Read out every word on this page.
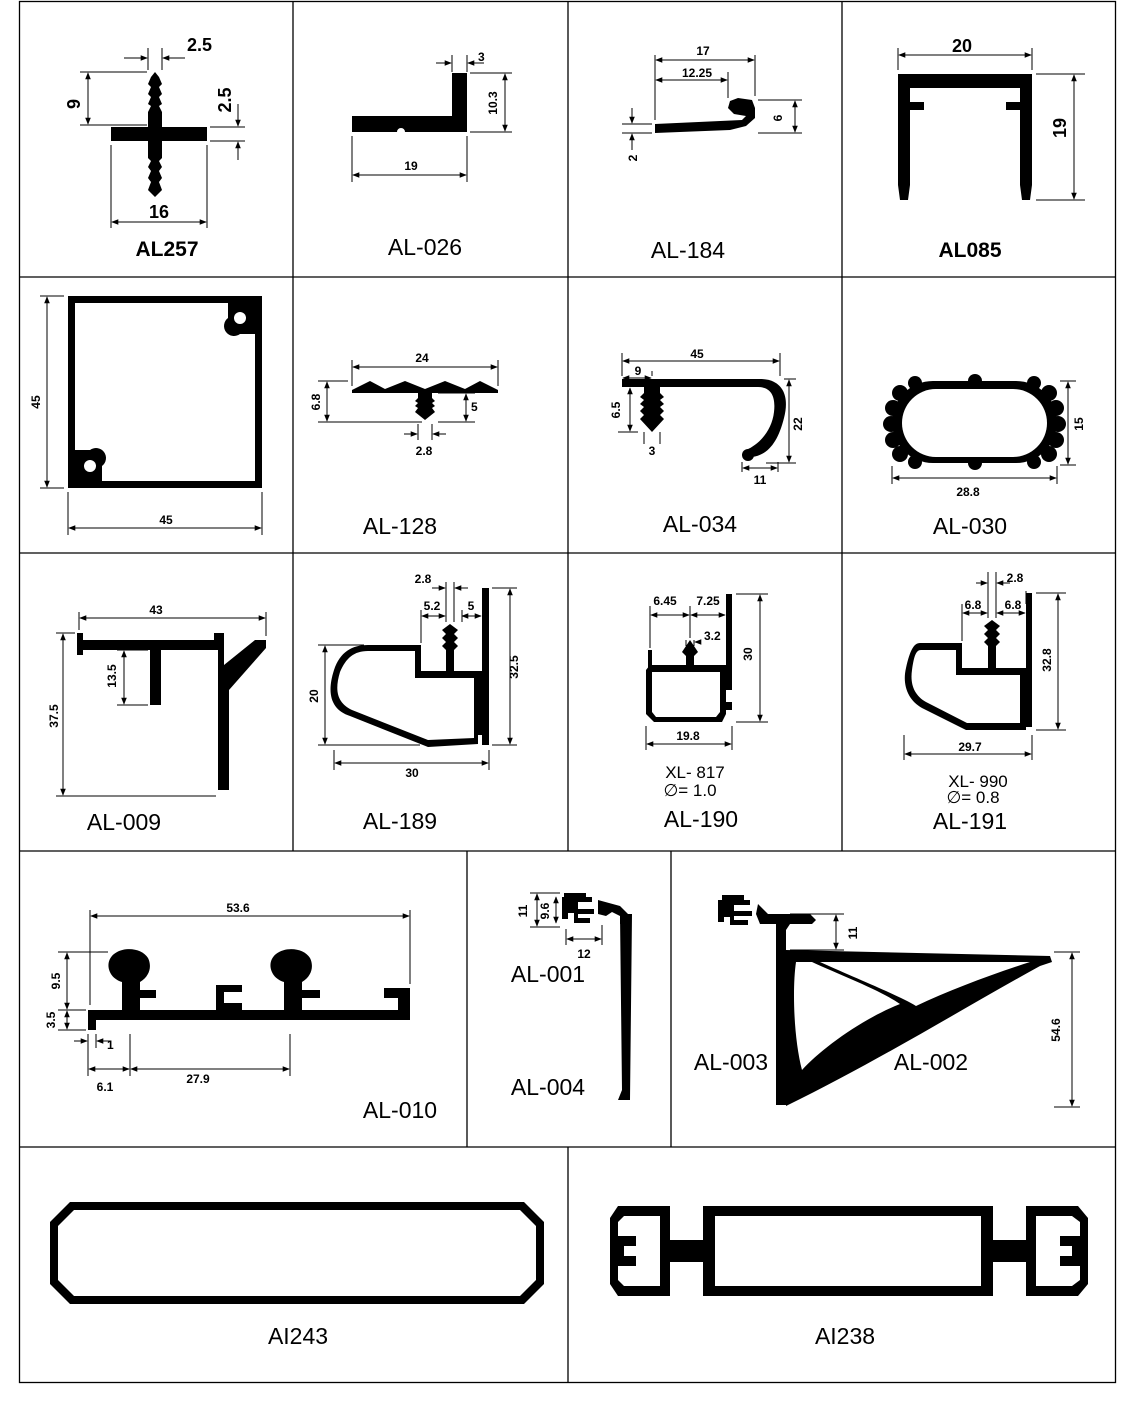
2.5
9	2.5
16
AL257
3
10.3
19
AL-026
17
12.25
6
2
AL-184
20
19
AL085
45
45
24
6.8	5
2.8
AL-128
45
9
6.5
3
22
11
AL-034
15
28.8
AL-030
43
37.5
13.5
AL-009
2.8
5.2 5
32.5
20
30
AL-189
6.45 7.25
3.2
30
19.8
XL- 817
∅= 1.0
AL-190
2.8
6.8 6.8
32.8
29.7
XL- 990
∅= 0.8
AL-191
53.6
9.5
3.5
1
6.1
27.9
AL-010
11 9.6
12
AL-001
AL-004
11
54.6
AL-003	AL-002
AI243	AI238
